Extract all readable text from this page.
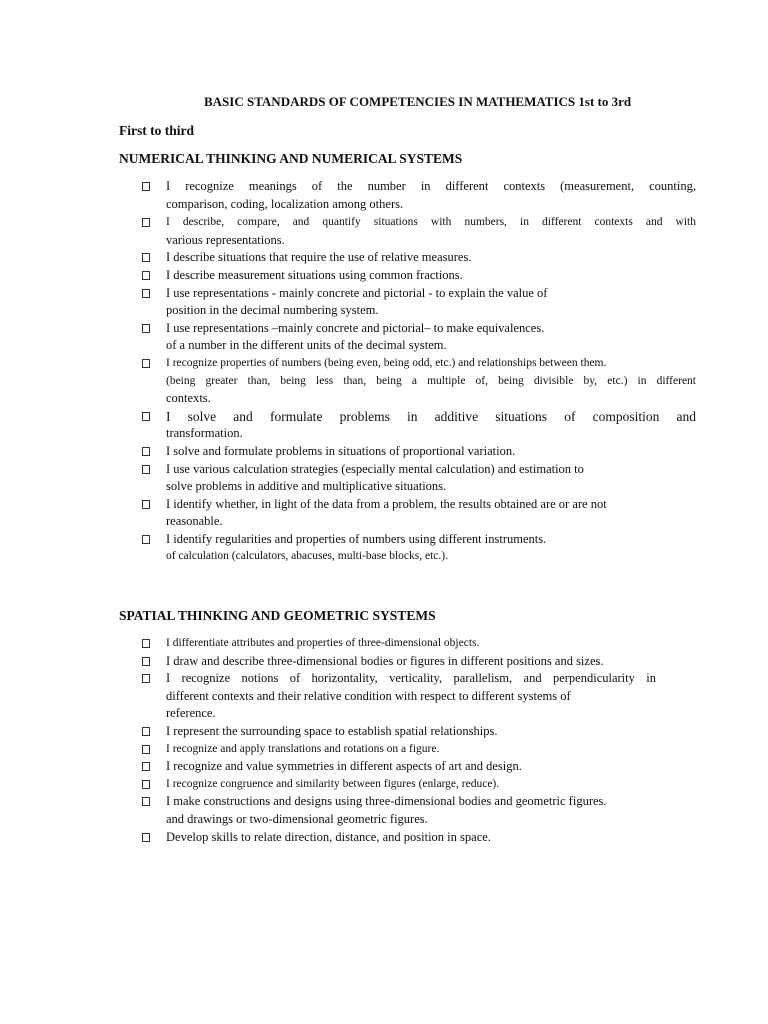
BASIC STANDARDS OF COMPETENCIES IN MATHEMATICS 1st to 3rd
First to third
NUMERICAL THINKING AND NUMERICAL SYSTEMS
I recognize meanings of the number in different contexts (measurement, counting,
comparison, coding, localization among others.
I describe, compare, and quantify situations with numbers, in different contexts and with
various representations.
I describe situations that require the use of relative measures.
I describe measurement situations using common fractions.
I use representations - mainly concrete and pictorial - to explain the value of
position in the decimal numbering system.
I use representations –mainly concrete and pictorial– to make equivalences.
of a number in the different units of the decimal system.
I recognize properties of numbers (being even, being odd, etc.) and relationships between them.
(being greater than, being less than, being a multiple of, being divisible by, etc.) in different
contexts.
I solve and formulate problems in additive situations of composition and
transformation.
I solve and formulate problems in situations of proportional variation.
I use various calculation strategies (especially mental calculation) and estimation to
solve problems in additive and multiplicative situations.
I identify whether, in light of the data from a problem, the results obtained are or are not
reasonable.
I identify regularities and properties of numbers using different instruments.
of calculation (calculators, abacuses, multi-base blocks, etc.).
SPATIAL THINKING AND GEOMETRIC SYSTEMS
I differentiate attributes and properties of three-dimensional objects.
I draw and describe three-dimensional bodies or figures in different positions and sizes.
I recognize notions of horizontality, verticality, parallelism, and perpendicularity in
different contexts and their relative condition with respect to different systems of
reference.
I represent the surrounding space to establish spatial relationships.
I recognize and apply translations and rotations on a figure.
I recognize and value symmetries in different aspects of art and design.
I recognize congruence and similarity between figures (enlarge, reduce).
I make constructions and designs using three-dimensional bodies and geometric figures.
and drawings or two-dimensional geometric figures.
Develop skills to relate direction, distance, and position in space.
